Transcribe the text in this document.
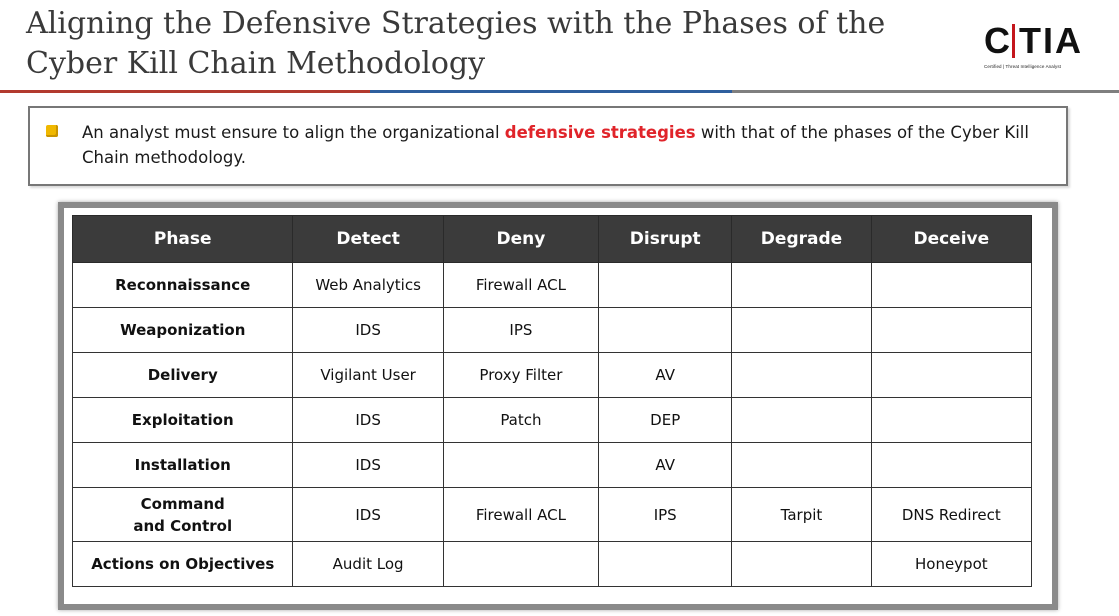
Aligning the Defensive Strategies with the Phases of the
Cyber Kill Chain Methodology
C TIA
Certified | Threat Intelligence Analyst
An analyst must ensure to align the organizational defensive strategies with that of the phases of the Cyber Kill Chain methodology.
Phase	Detect	Deny	Disrupt	Degrade	Deceive
Reconnaissance	Web Analytics	Firewall ACL			
Weaponization	IDS	IPS			
Delivery	Vigilant User	Proxy Filter	AV		
Exploitation	IDS	Patch	DEP		
Installation	IDS		AV		
Command
and Control	IDS	Firewall ACL	IPS	Tarpit	DNS Redirect
Actions on Objectives	Audit Log				Honeypot
